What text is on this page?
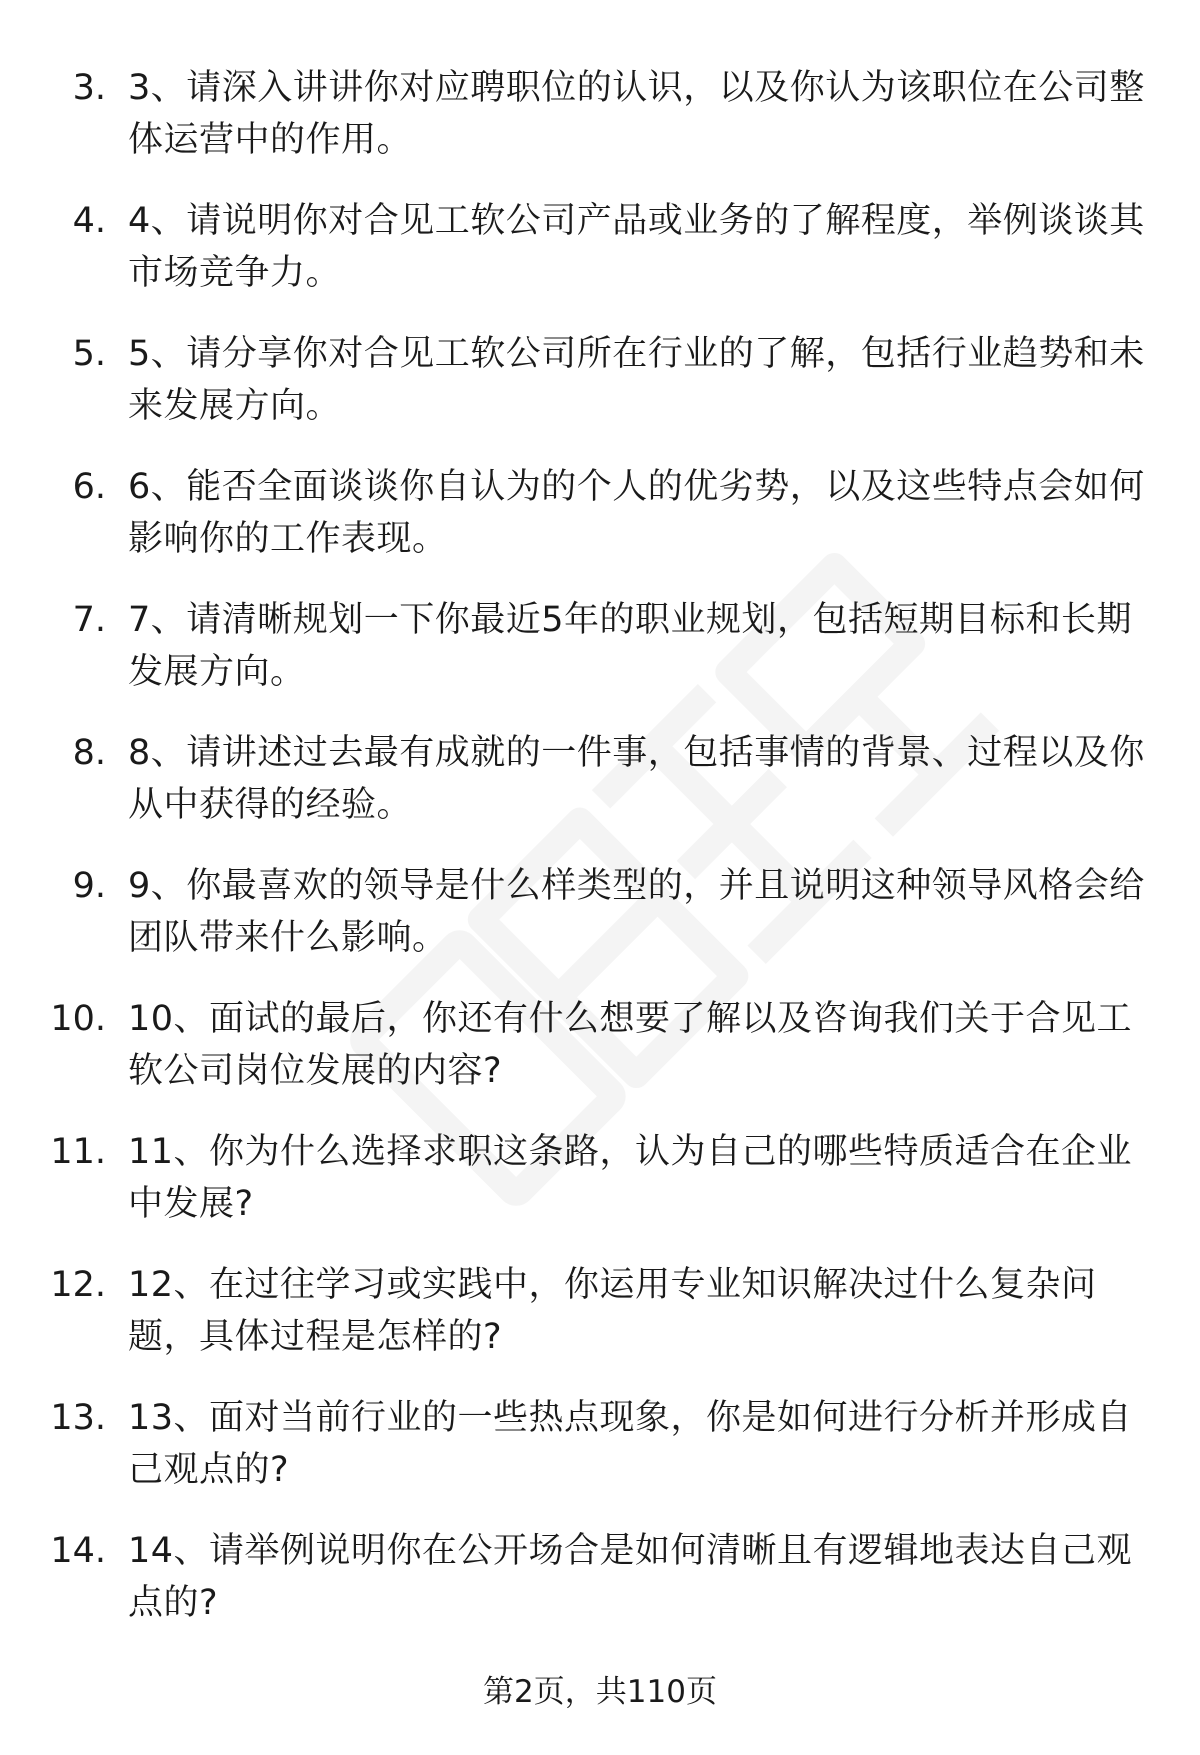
3. 3、请深入讲讲你对应聘职位的认识，以及你认为该职位在公司整体运营中的作用。
4. 4、请说明你对合见工软公司产品或业务的了解程度，举例谈谈其市场竞争力。
5. 5、请分享你对合见工软公司所在行业的了解，包括行业趋势和未来发展方向。
6. 6、能否全面谈谈你自认为的个人的优劣势，以及这些特点会如何影响你的工作表现。
7. 7、请清晰规划一下你最近5年的职业规划，包括短期目标和长期发展方向。
8. 8、请讲述过去最有成就的一件事，包括事情的背景、过程以及你从中获得的经验。
9. 9、你最喜欢的领导是什么样类型的，并且说明这种领导风格会给团队带来什么影响。
10. 10、面试的最后，你还有什么想要了解以及咨询我们关于合见工软公司岗位发展的内容?
11. 11、你为什么选择求职这条路，认为自己的哪些特质适合在企业中发展?
12. 12、在过往学习或实践中，你运用专业知识解决过什么复杂问题，具体过程是怎样的?
13. 13、面对当前行业的一些热点现象，你是如何进行分析并形成自己观点的?
14. 14、请举例说明你在公开场合是如何清晰且有逻辑地表达自己观点的?
第2页，共110页
